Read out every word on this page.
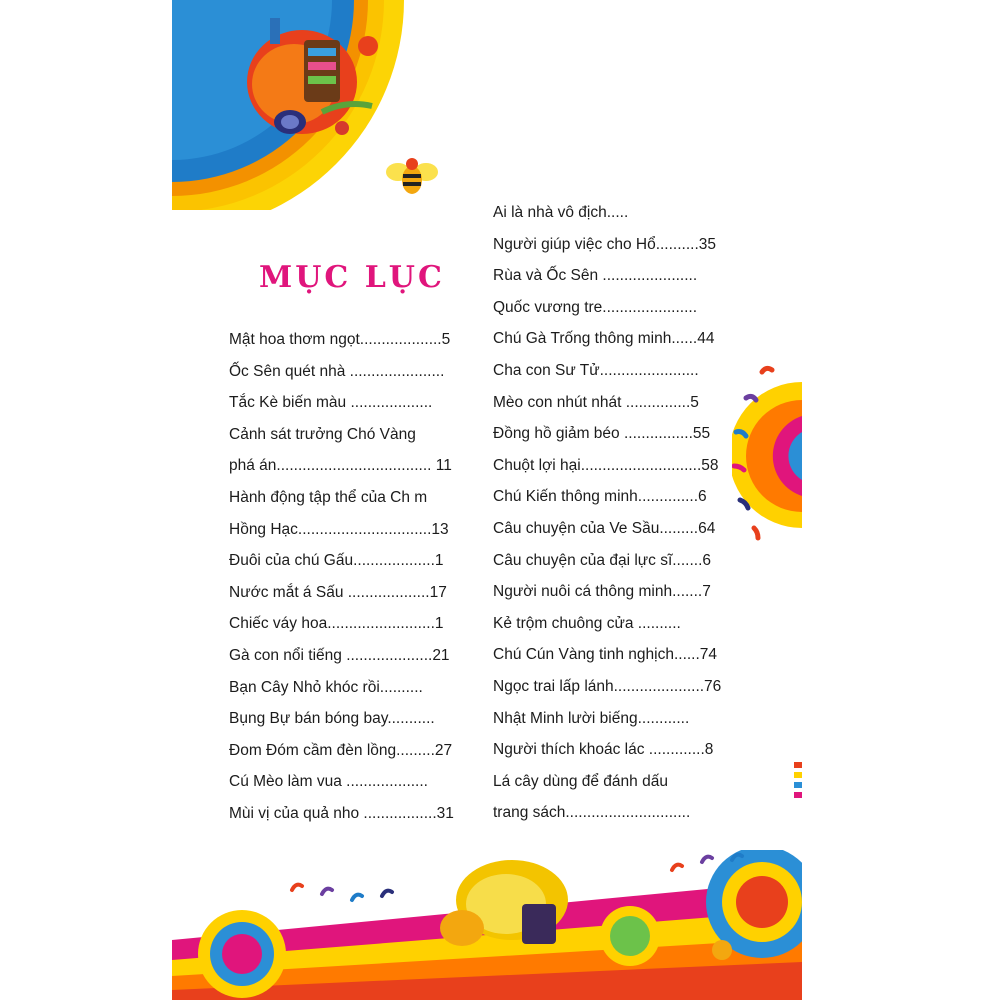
MỤC LỤC
Mật hoa thơm ngọt...................5
Ốc Sên quét nhà ......................
Tắc Kè biến màu ...................
Cảnh sát trưởng Chó Vàng
phá án.................................... 11
Hành động tập thể của Ch m
Hồng Hạc...............................13
Đuôi của chú Gấu...................1
Nước mắt á Sấu ...................17
Chiếc váy hoa.........................1
Gà con nổi tiếng ....................21
Bạn Cây Nhỏ khóc rồi..........
Bụng Bự bán bóng bay...........
Đom Đóm cầm đèn lồng.........27
Cú Mèo làm vua ...................
Mùi vị của quả nho .................31
Ai là nhà vô địch.....
Người giúp việc cho Hổ..........35
Rùa và Ốc Sên ......................
Quốc vương tre......................
Chú Gà Trống thông minh......44
Cha con Sư Tử.......................
Mèo con nhút nhát ...............5
Đồng hồ giảm béo ................55
Chuột lợi hại............................58
Chú Kiến thông minh..............6
Câu chuyện của Ve Sầu.........64
Câu chuyện của đại lực sĩ.......6
Người nuôi cá thông minh.......7
Kẻ trộm chuông cửa ..........
Chú Cún Vàng tinh nghịch......74
Ngọc trai lấp lánh.....................76
Nhật Minh lười biếng............
Người thích khoác lác .............8
Lá cây dùng để đánh dấu
trang sách.............................
